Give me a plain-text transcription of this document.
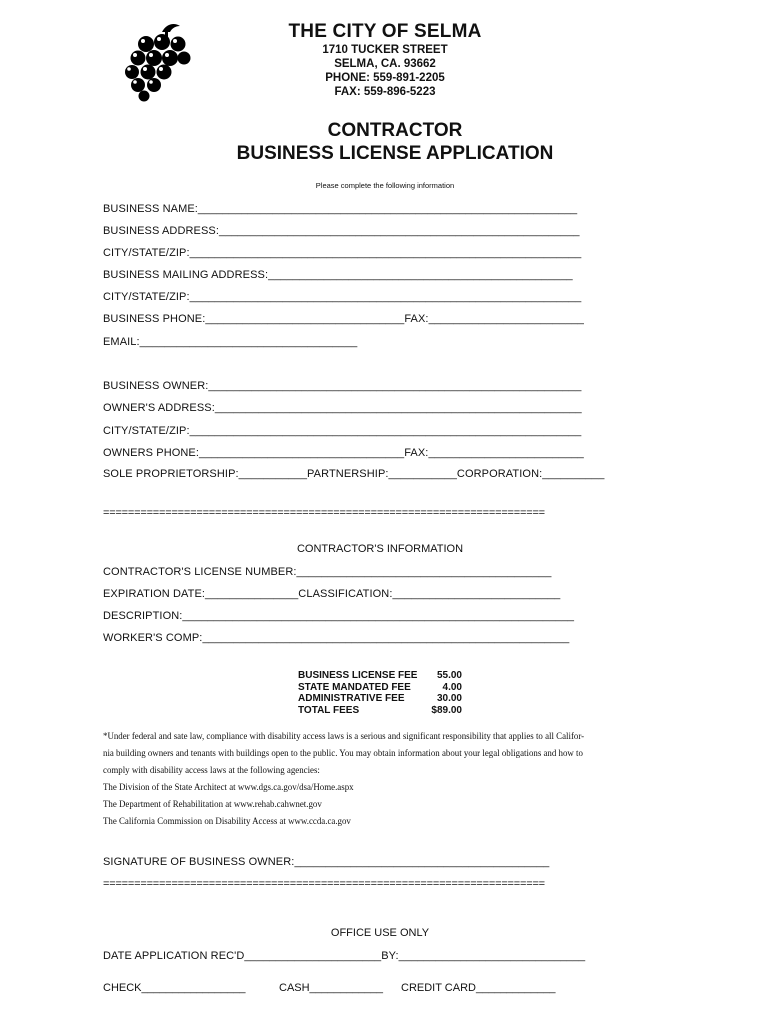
THE CITY OF SELMA
1710 TUCKER STREET
SELMA, CA. 93662
PHONE: 559-891-2205
FAX: 559-896-5223
CONTRACTOR
BUSINESS LICENSE APPLICATION
Please complete the following information
BUSINESS NAME:_____________________________________________________________
BUSINESS ADDRESS:__________________________________________________________
CITY/STATE/ZIP:_______________________________________________________________
BUSINESS MAILING ADDRESS:_________________________________________________
CITY/STATE/ZIP:_______________________________________________________________
BUSINESS PHONE:________________________________FAX:_________________________
EMAIL:___________________________________
BUSINESS OWNER:____________________________________________________________
OWNER'S ADDRESS:___________________________________________________________
CITY/STATE/ZIP:_______________________________________________________________
OWNERS PHONE:_________________________________FAX:_________________________
SOLE PROPRIETORSHIP:___________PARTNERSHIP:___________CORPORATION:__________
=======================================================================
CONTRACTOR'S INFORMATION
CONTRACTOR'S LICENSE NUMBER:_________________________________________
EXPIRATION DATE:_______________CLASSIFICATION:___________________________
DESCRIPTION:_______________________________________________________________
WORKER'S COMP:___________________________________________________________
BUSINESS LICENSE FEE 55.00
STATE MANDATED FEE	4.00
ADMINISTRATIVE FEE	30.00
TOTAL FEES	$89.00

*Under federal and sate law, compliance with disability access laws is a serious and significant responsibility that applies to all Califor-

nia building owners and tenants with buildings open to the public. You may obtain information about your legal obligations and how to

comply with disability access laws at the following agencies:

The Division of the State Architect at www.dgs.ca.gov/dsa/Home.aspx

The Department of Rehabilitation at www.rehab.cahwnet.gov

The California Commission on Disability Access at www.ccda.ca.gov

SIGNATURE OF BUSINESS OWNER:_________________________________________
=======================================================================
OFFICE USE ONLY
DATE APPLICATION REC'D______________________BY:______________________________
CHECK_________________	CASH____________ CREDIT CARD_____________
